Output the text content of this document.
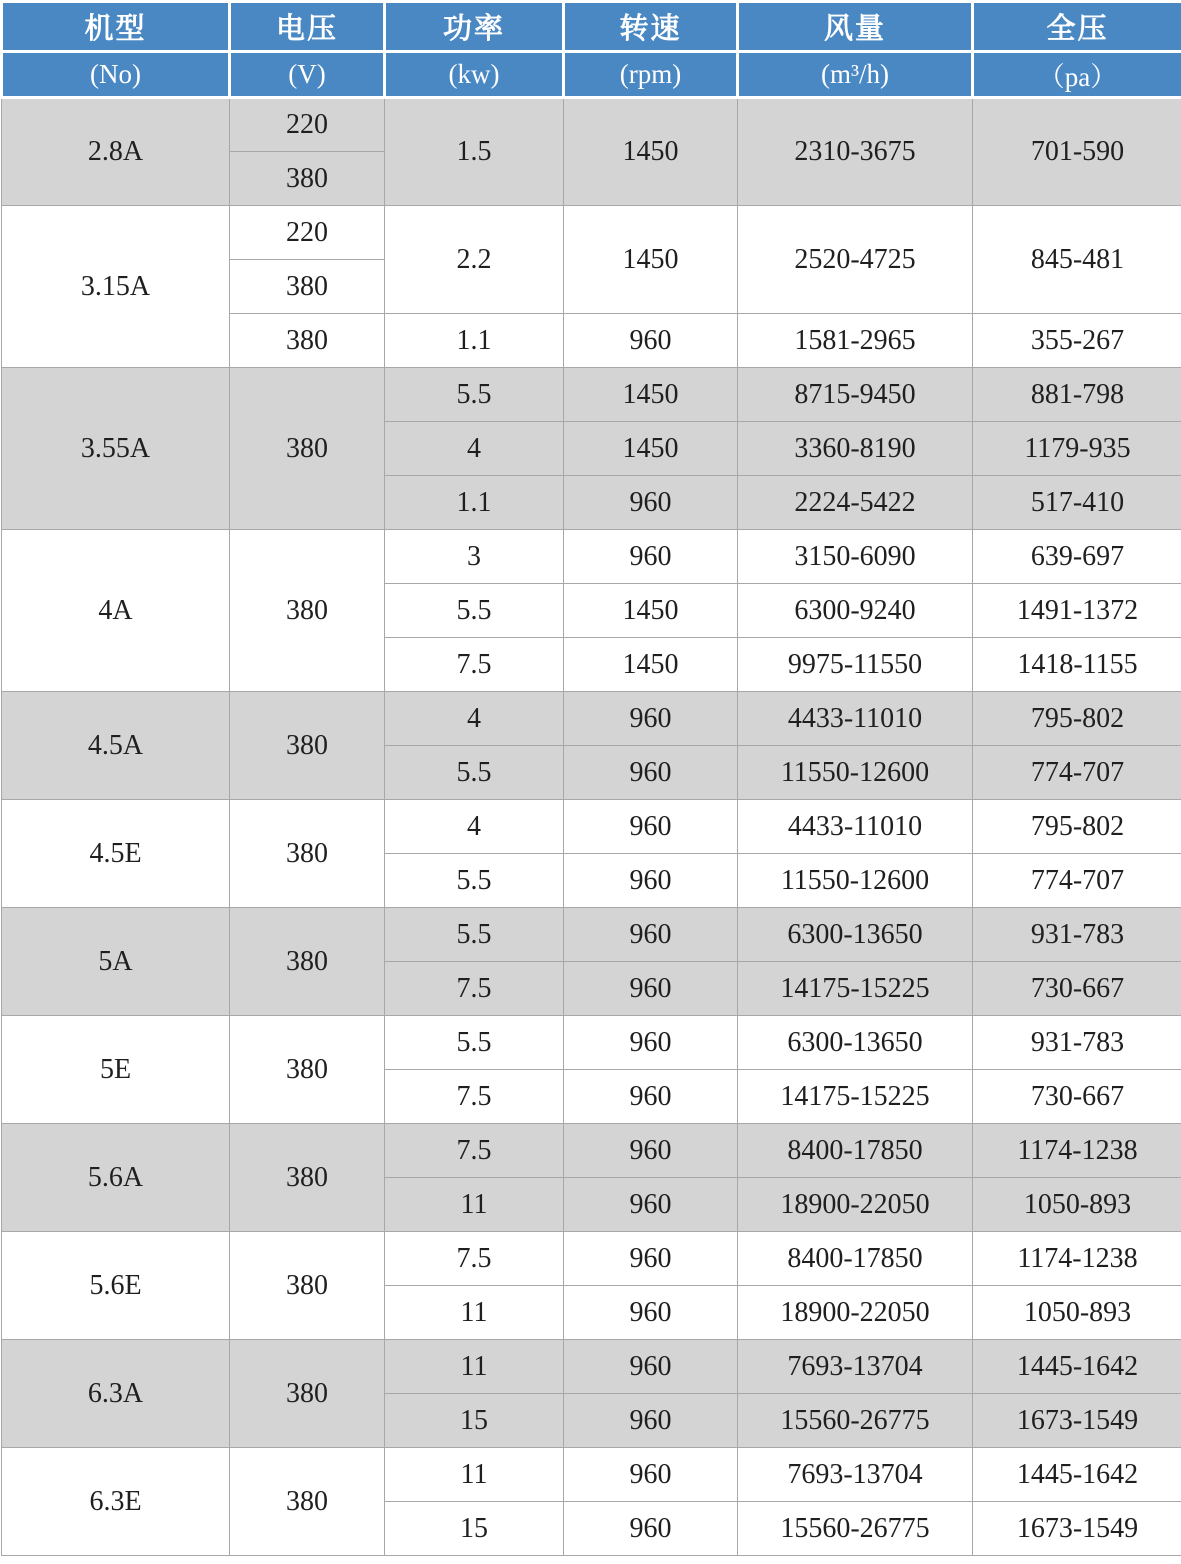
机型	电压	功率	转速	风量	全压
(No)	(V)	(kw)	(rpm)	(m³/h)	（pa）
2.8A	220	1.5	1450	2310-3675	701-590
	380				
3.15A	220	2.2	1450	2520-4725	845-481
	380				
	380	1.1	960	1581-2965	355-267
3.55A	380	5.5	1450	8715-9450	881-798
		4	1450	3360-8190	1179-935
		1.1	960	2224-5422	517-410
4A	380	3	960	3150-6090	639-697
		5.5	1450	6300-9240	1491-1372
		7.5	1450	9975-11550	1418-1155
4.5A	380	4	960	4433-11010	795-802
		5.5	960	11550-12600	774-707
4.5E	380	4	960	4433-11010	795-802
		5.5	960	11550-12600	774-707
5A	380	5.5	960	6300-13650	931-783
		7.5	960	14175-15225	730-667
5E	380	5.5	960	6300-13650	931-783
		7.5	960	14175-15225	730-667
5.6A	380	7.5	960	8400-17850	1174-1238
		11	960	18900-22050	1050-893
5.6E	380	7.5	960	8400-17850	1174-1238
		11	960	18900-22050	1050-893
6.3A	380	11	960	7693-13704	1445-1642
		15	960	15560-26775	1673-1549
6.3E	380	11	960	7693-13704	1445-1642
		15	960	15560-26775	1673-1549
